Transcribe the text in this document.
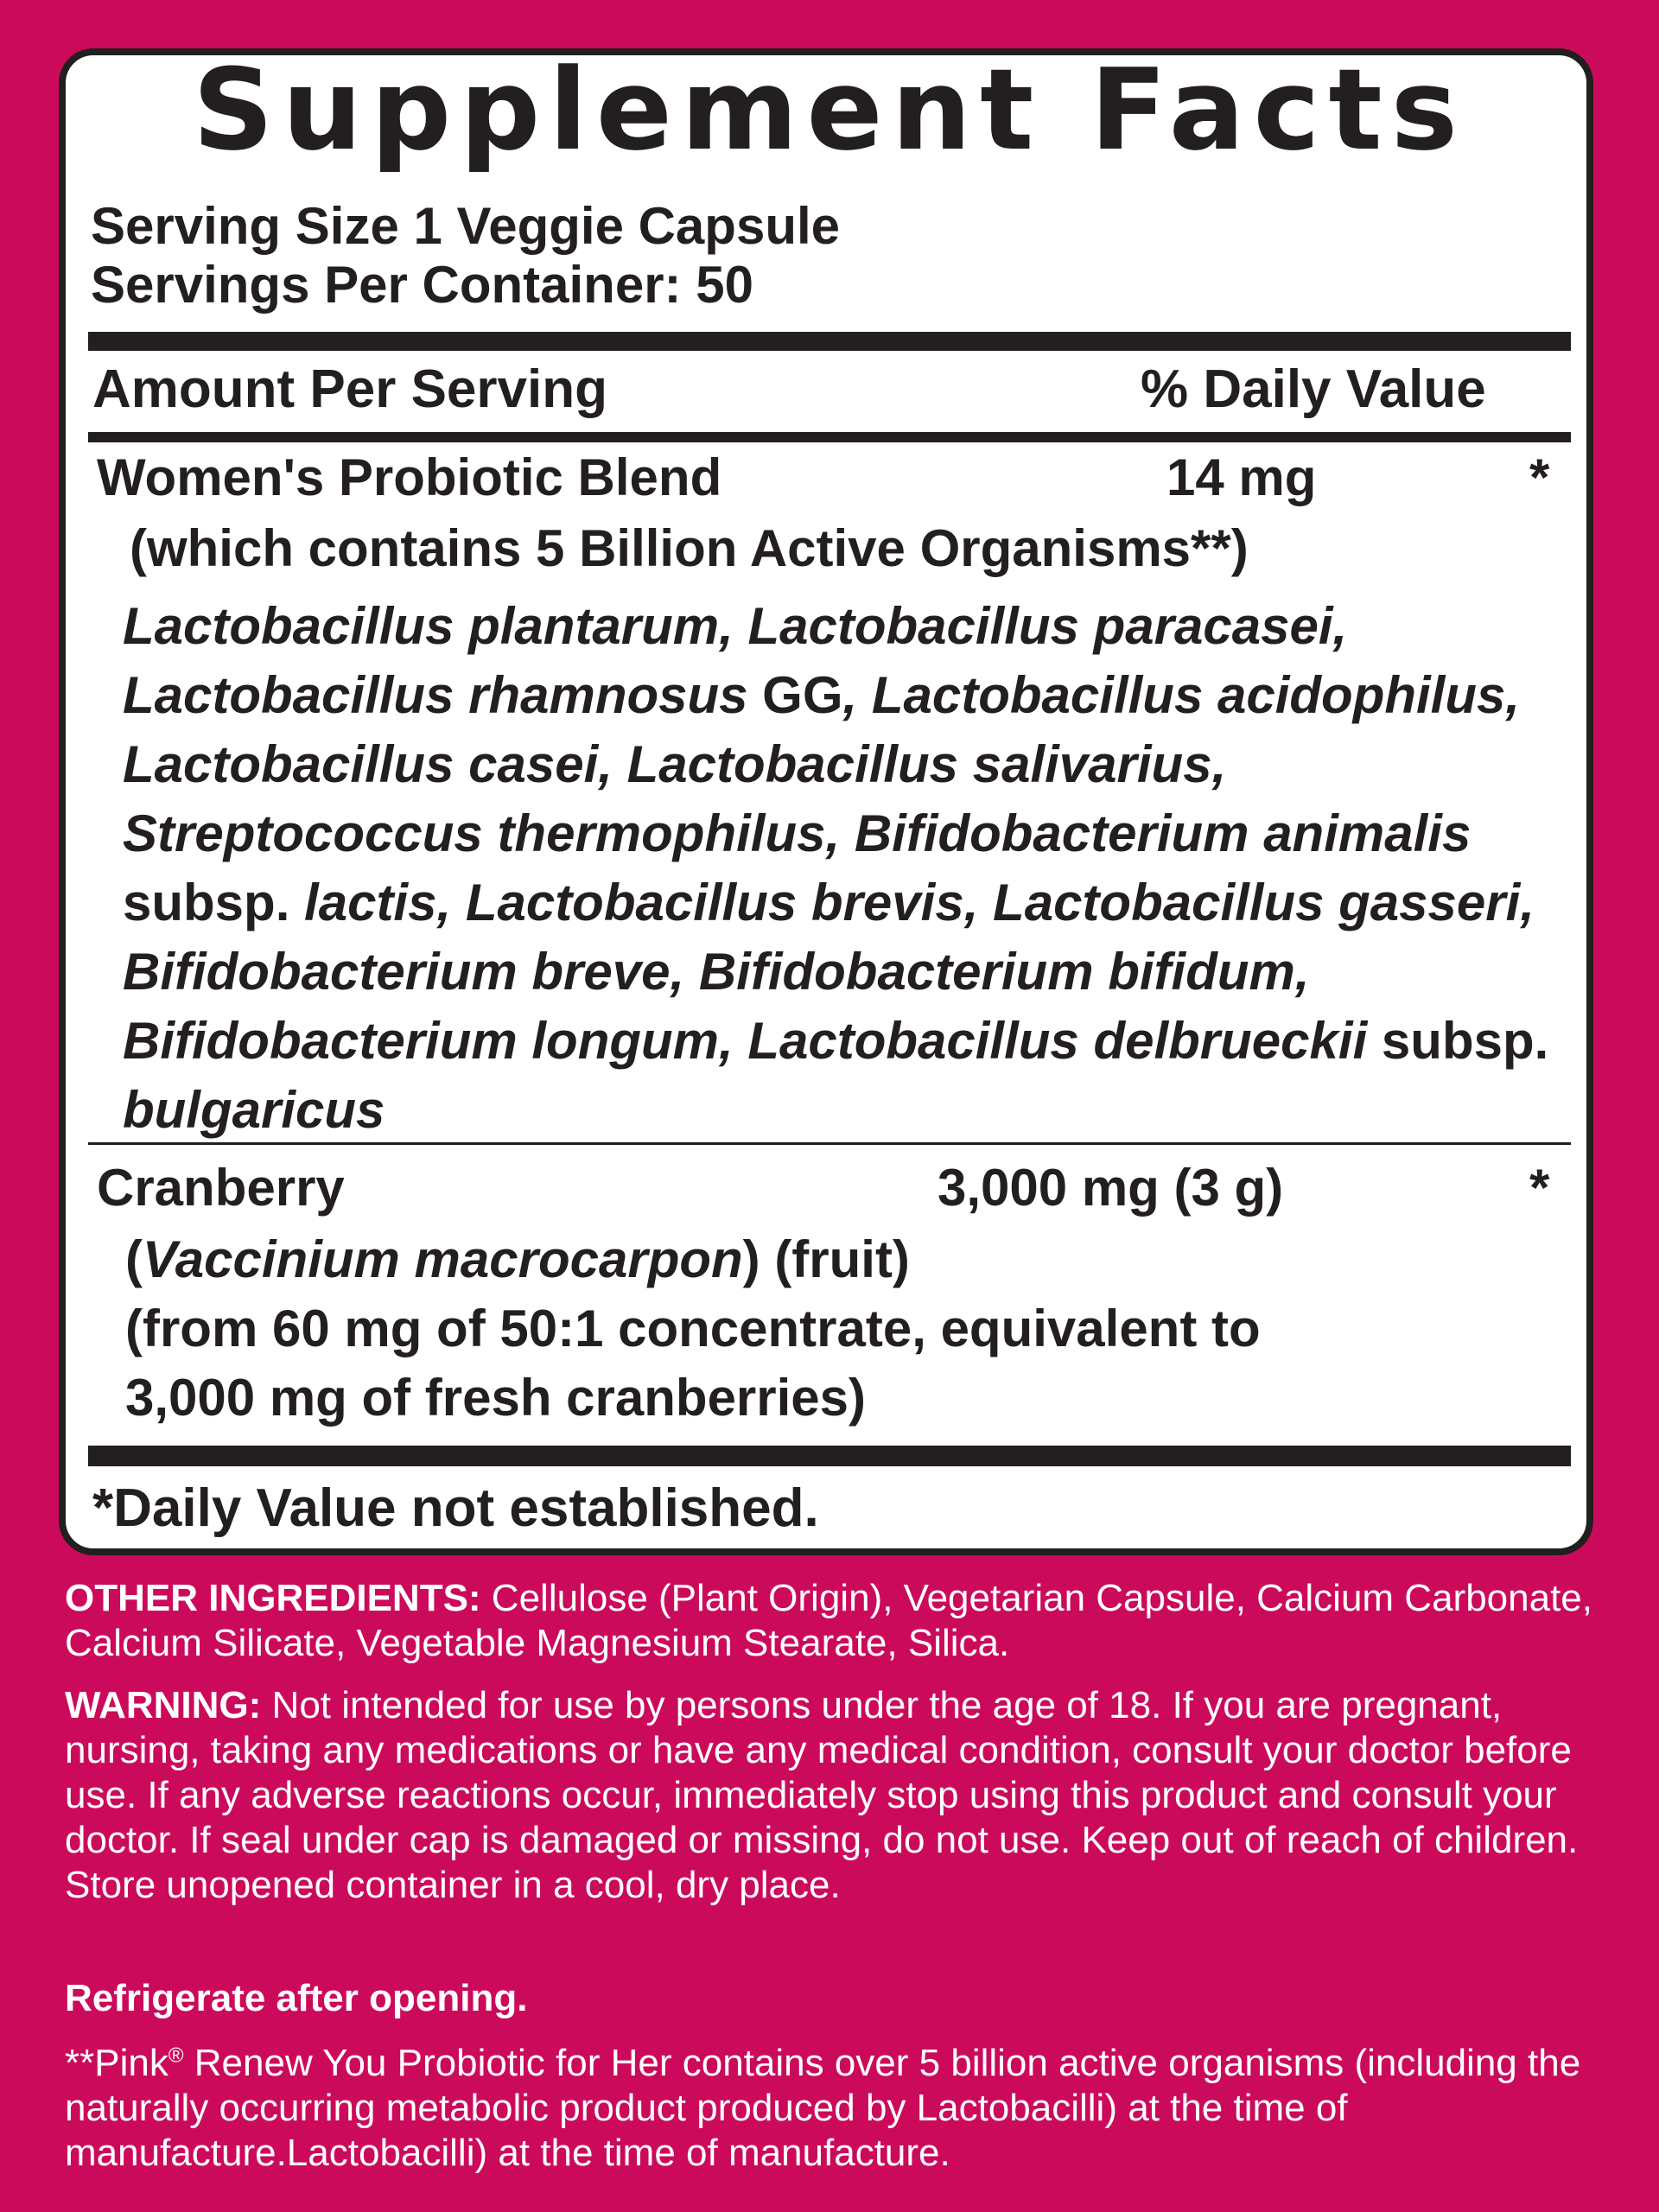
Supplement Facts
Serving Size 1 Veggie Capsule
Servings Per Container: 50
Amount Per Serving	% Daily Value
Women's Probiotic Blend	14 mg	*
(which contains 5 Billion Active Organisms**)
Lactobacillus plantarum, Lactobacillus paracasei, Lactobacillus rhamnosus GG, Lactobacillus acidophilus, Lactobacillus casei, Lactobacillus salivarius, Streptococcus thermophilus, Bifidobacterium animalis subsp. lactis, Lactobacillus brevis, Lactobacillus gasseri, Bifidobacterium breve, Bifidobacterium bifidum, Bifidobacterium longum, Lactobacillus delbrueckii subsp. bulgaricus
Cranberry	3,000 mg (3 g)	*
(Vaccinium macrocarpon) (fruit)
(from 60 mg of 50:1 concentrate, equivalent to
3,000 mg of fresh cranberries)
*Daily Value not established.
OTHER INGREDIENTS: Cellulose (Plant Origin), Vegetarian Capsule, Calcium Carbonate, Calcium Silicate, Vegetable Magnesium Stearate, Silica.
WARNING: Not intended for use by persons under the age of 18. If you are pregnant, nursing, taking any medications or have any medical condition, consult your doctor before use. If any adverse reactions occur, immediately stop using this product and consult your doctor. If seal under cap is damaged or missing, do not use. Keep out of reach of children. Store unopened container in a cool, dry place.
Refrigerate after opening.
**Pink® Renew You Probiotic for Her contains over 5 billion active organisms (including the naturally occurring metabolic product produced by Lactobacilli) at the time of manufacture.Lactobacilli) at the time of manufacture.
